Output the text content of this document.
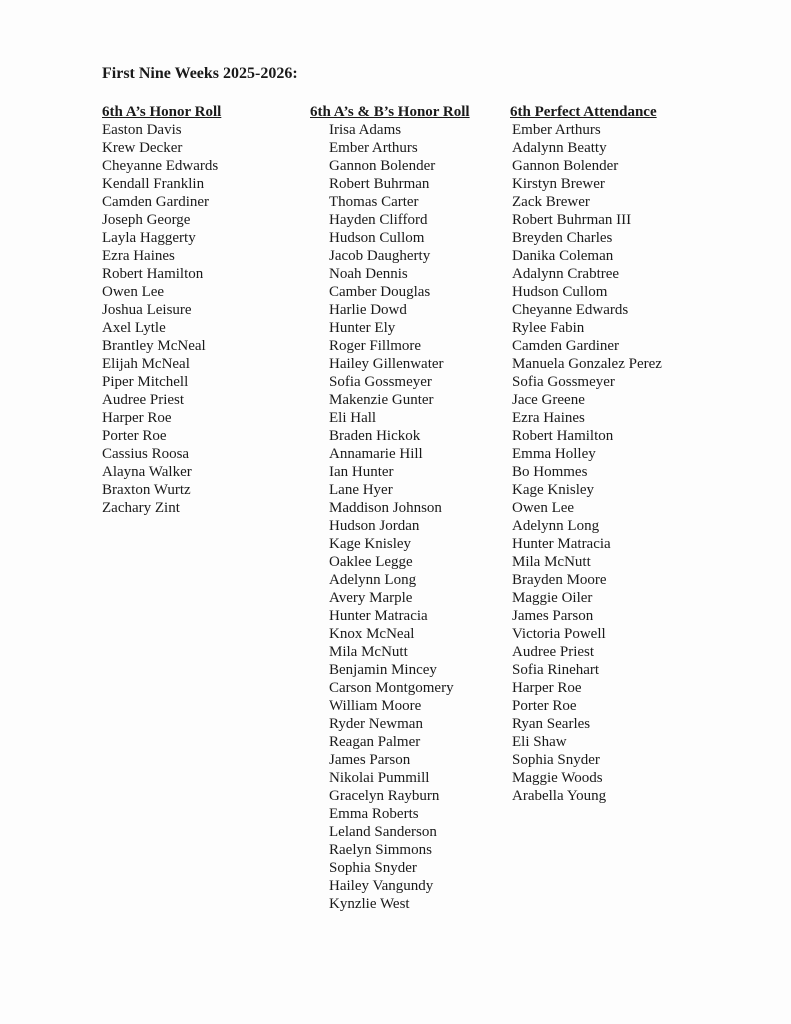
First Nine Weeks 2025-2026:
6th A’s Honor Roll
Easton Davis
Krew Decker
Cheyanne Edwards
Kendall Franklin
Camden Gardiner
Joseph George
Layla Haggerty
Ezra Haines
Robert Hamilton
Owen Lee
Joshua Leisure
Axel Lytle
Brantley McNeal
Elijah McNeal
Piper Mitchell
Audree Priest
Harper Roe
Porter Roe
Cassius Roosa
Alayna Walker
Braxton Wurtz
Zachary Zint
6th A’s & B’s Honor Roll
Irisa Adams
Ember Arthurs
Gannon Bolender
Robert Buhrman
Thomas Carter
Hayden Clifford
Hudson Cullom
Jacob Daugherty
Noah Dennis
Camber Douglas
Harlie Dowd
Hunter Ely
Roger Fillmore
Hailey Gillenwater
Sofia Gossmeyer
Makenzie Gunter
Eli Hall
Braden Hickok
Annamarie Hill
Ian Hunter
Lane Hyer
Maddison Johnson
Hudson Jordan
Kage Knisley
Oaklee Legge
Adelynn Long
Avery Marple
Hunter Matracia
Knox McNeal
Mila McNutt
Benjamin Mincey
Carson Montgomery
William Moore
Ryder Newman
Reagan Palmer
James Parson
Nikolai Pummill
Gracelyn Rayburn
Emma Roberts
Leland Sanderson
Raelyn Simmons
Sophia Snyder
Hailey Vangundy
Kynzlie West
6th Perfect Attendance
Ember Arthurs
Adalynn Beatty
Gannon Bolender
Kirstyn Brewer
Zack Brewer
Robert Buhrman III
Breyden Charles
Danika Coleman
Adalynn Crabtree
Hudson Cullom
Cheyanne Edwards
Rylee Fabin
Camden Gardiner
Manuela Gonzalez Perez
Sofia Gossmeyer
Jace Greene
Ezra Haines
Robert Hamilton
Emma Holley
Bo Hommes
Kage Knisley
Owen Lee
Adelynn Long
Hunter Matracia
Mila McNutt
Brayden Moore
Maggie Oiler
James Parson
Victoria Powell
Audree Priest
Sofia Rinehart
Harper Roe
Porter Roe
Ryan Searles
Eli Shaw
Sophia Snyder
Maggie Woods
Arabella Young
